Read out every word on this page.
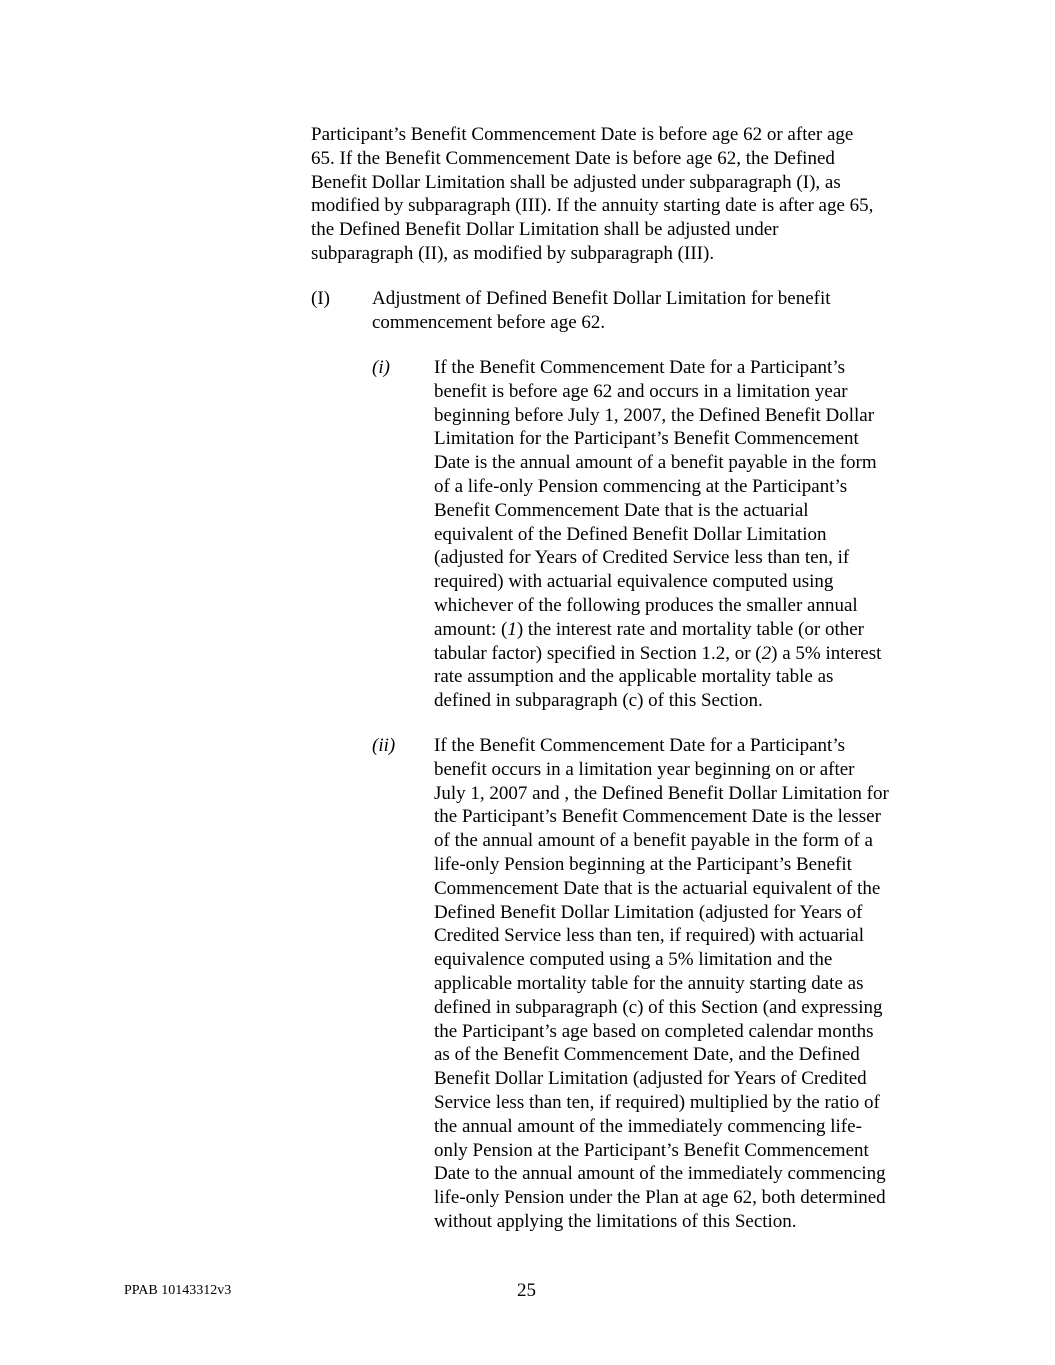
Participant’s Benefit Commencement Date is before age 62 or after age
65. If the Benefit Commencement Date is before age 62, the Defined
Benefit Dollar Limitation shall be adjusted under subparagraph (I), as
modified by subparagraph (III). If the annuity starting date is after age 65,
the Defined Benefit Dollar Limitation shall be adjusted under
subparagraph (II), as modified by subparagraph (III).
(I) Adjustment of Defined Benefit Dollar Limitation for benefit
commencement before age 62.
(i) If the Benefit Commencement Date for a Participant’s
benefit is before age 62 and occurs in a limitation year
beginning before July 1, 2007, the Defined Benefit Dollar
Limitation for the Participant’s Benefit Commencement
Date is the annual amount of a benefit payable in the form
of a life-only Pension commencing at the Participant’s
Benefit Commencement Date that is the actuarial
equivalent of the Defined Benefit Dollar Limitation
(adjusted for Years of Credited Service less than ten, if
required) with actuarial equivalence computed using
whichever of the following produces the smaller annual
amount: (1) the interest rate and mortality table (or other
tabular factor) specified in Section 1.2, or (2) a 5% interest
rate assumption and the applicable mortality table as
defined in subparagraph (c) of this Section.
(ii) If the Benefit Commencement Date for a Participant’s
benefit occurs in a limitation year beginning on or after
July 1, 2007 and , the Defined Benefit Dollar Limitation for
the Participant’s Benefit Commencement Date is the lesser
of the annual amount of a benefit payable in the form of a
life-only Pension beginning at the Participant’s Benefit
Commencement Date that is the actuarial equivalent of the
Defined Benefit Dollar Limitation (adjusted for Years of
Credited Service less than ten, if required) with actuarial
equivalence computed using a 5% limitation and the
applicable mortality table for the annuity starting date as
defined in subparagraph (c) of this Section (and expressing
the Participant’s age based on completed calendar months
as of the Benefit Commencement Date, and the Defined
Benefit Dollar Limitation (adjusted for Years of Credited
Service less than ten, if required) multiplied by the ratio of
the annual amount of the immediately commencing life-
only Pension at the Participant’s Benefit Commencement
Date to the annual amount of the immediately commencing
life-only Pension under the Plan at age 62, both determined
without applying the limitations of this Section.
PPAB 10143312v3	25
